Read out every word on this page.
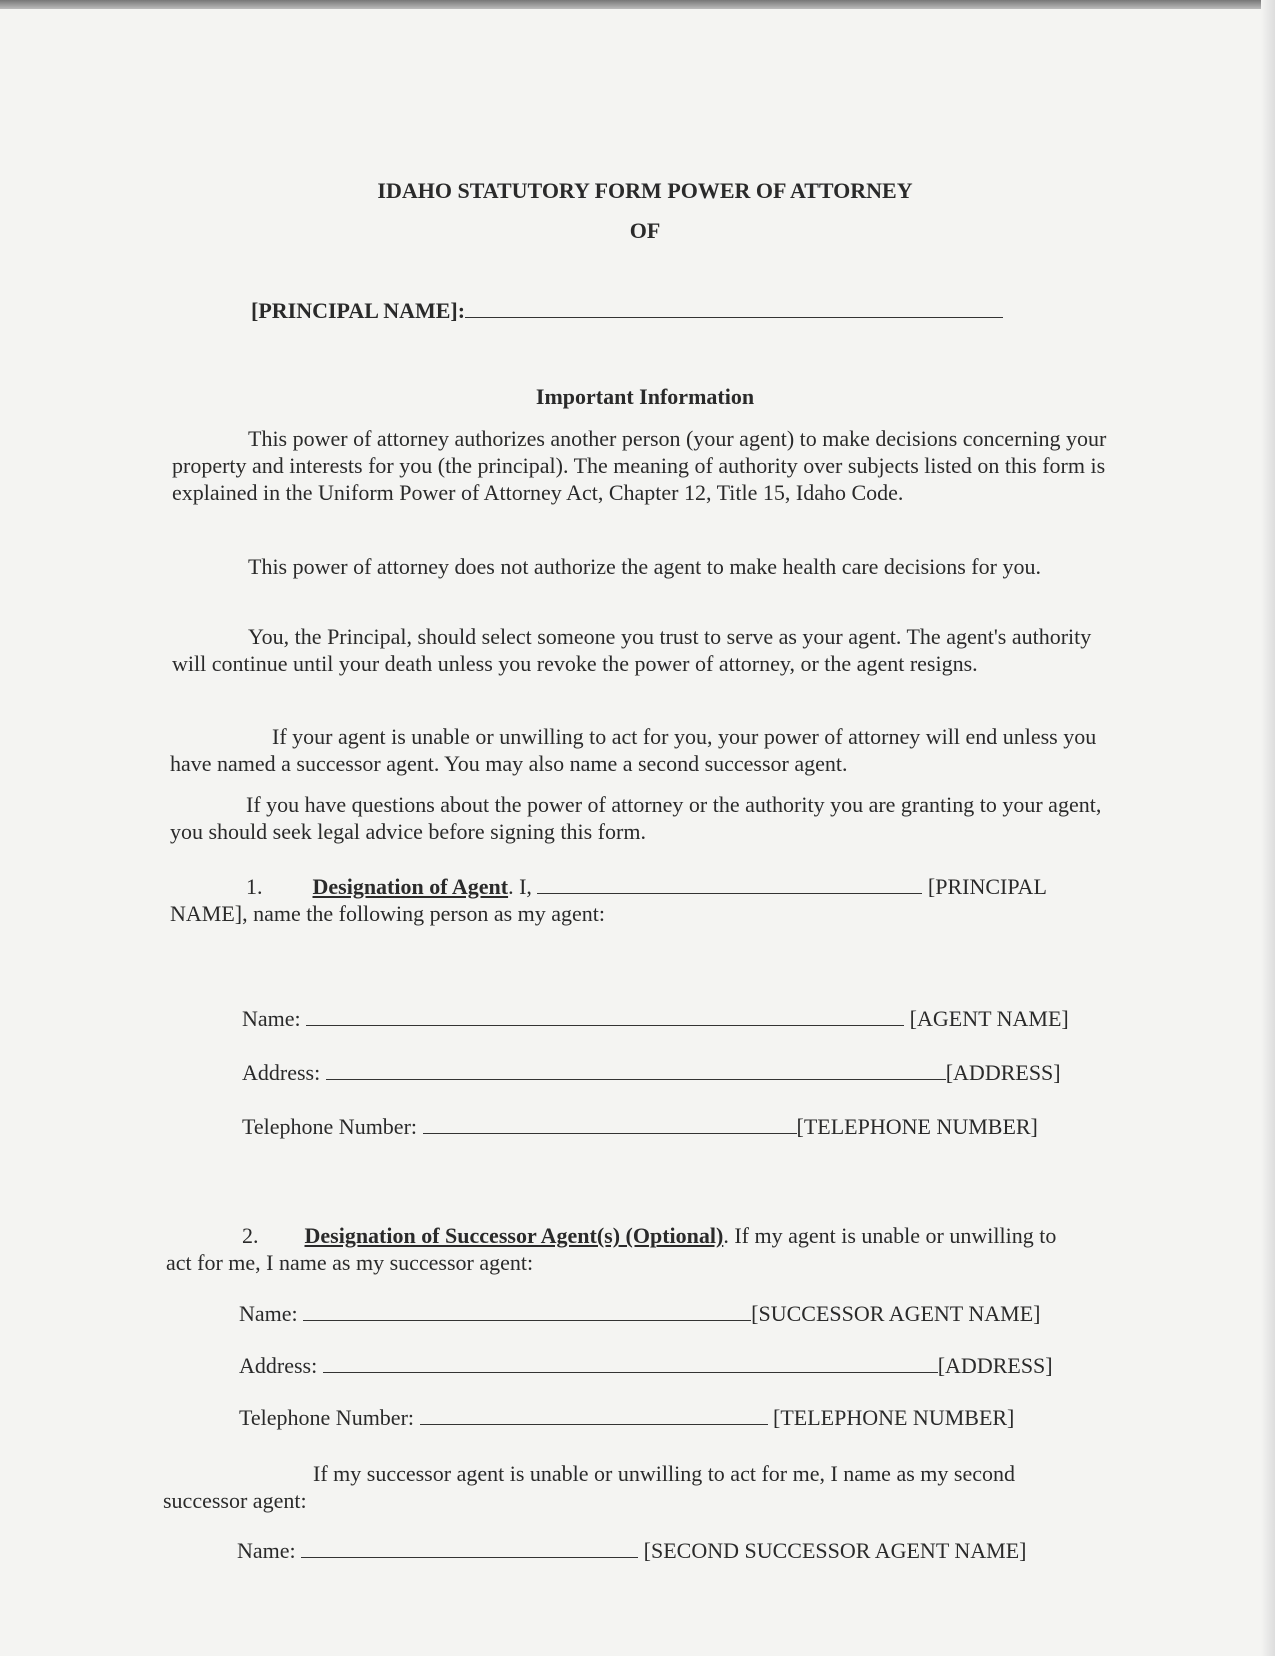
IDAHO STATUTORY FORM POWER OF ATTORNEY
OF
[PRINCIPAL NAME]:
Important Information
This power of attorney authorizes another person (your agent) to make decisions concerning your property and interests for you (the principal). The meaning of authority over subjects listed on this form is explained in the Uniform Power of Attorney Act, Chapter 12, Title 15, Idaho Code.
This power of attorney does not authorize the agent to make health care decisions for you.
You, the Principal, should select someone you trust to serve as your agent. The agent's authority will continue until your death unless you revoke the power of attorney, or the agent resigns.
If your agent is unable or unwilling to act for you, your power of attorney will end unless you have named a successor agent. You may also name a second successor agent.
If you have questions about the power of attorney or the authority you are granting to your agent, you should seek legal advice before signing this form.
1. Designation of Agent. I,	[PRINCIPAL NAME], name the following person as my agent:
Name:	[AGENT NAME]
Address:	[ADDRESS]
Telephone Number:	[TELEPHONE NUMBER]
2. Designation of Successor Agent(s) (Optional). If my agent is unable or unwilling to act for me, I name as my successor agent:
Name:	[SUCCESSOR AGENT NAME]
Address:	[ADDRESS]
Telephone Number:	[TELEPHONE NUMBER]
If my successor agent is unable or unwilling to act for me, I name as my second successor agent:
Name:	[SECOND SUCCESSOR AGENT NAME]
